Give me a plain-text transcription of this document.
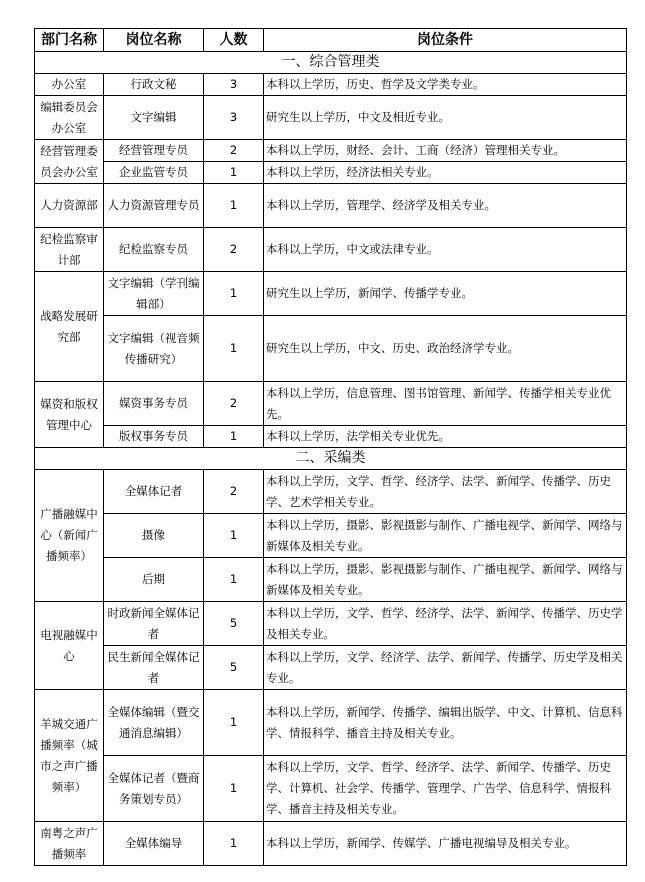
部门名称	岗位名称	人数	岗位条件
一、综合管理类			
办公室	行政文秘	3	本科以上学历，历史、哲学及文学类专业。
编辑委员会办公室	文字编辑	3	研究生以上学历，中文及相近专业。
经营管理委员会办公室	经营管理专员	2	本科以上学历，财经、会计、工商（经济）管理相关专业。
	企业监管专员	1	本科以上学历，经济法相关专业。
人力资源部	人力资源管理专员	1	本科以上学历，管理学、经济学及相关专业。
纪检监察审计部	纪检监察专员	2	本科以上学历，中文或法律专业。
战略发展研究部	文字编辑（学刊编辑部）	1	研究生以上学历，新闻学、传播学专业。
	文字编辑（视音频传播研究）	1	研究生以上学历，中文、历史、政治经济学专业。
媒资和版权管理中心	媒资事务专员	2	本科以上学历，信息管理、图书馆管理、新闻学、传播学相关专业优先。
	版权事务专员	1	本科以上学历，法学相关专业优先。
二、采编类			
广播融媒中心（新闻广播频率）	全媒体记者	2	本科以上学历，文学、哲学、经济学、法学、新闻学、传播学、历史学、艺术学相关专业。
	摄像	1	本科以上学历，摄影、影视摄影与制作、广播电视学、新闻学、网络与新媒体及相关专业。
	后期	1	本科以上学历，摄影、影视摄影与制作、广播电视学、新闻学、网络与新媒体及相关专业。
电视融媒中心	时政新闻全媒体记者	5	本科以上学历，文学、哲学、经济学、法学、新闻学、传播学、历史学及相关专业。
	民生新闻全媒体记者	5	本科以上学历，文学、经济学、法学、新闻学、传播学、历史学及相关专业。
羊城交通广播频率（城市之声广播频率）	全媒体编辑（暨交通消息编辑）	1	本科以上学历，新闻学、传播学、编辑出版学、中文、计算机、信息科学、情报科学、播音主持及相关专业。
	全媒体记者（暨商务策划专员）	1	本科以上学历，文学、哲学、经济学、法学、新闻学、传播学、历史学、计算机、社会学、传播学、管理学、广告学、信息科学、情报科学、播音主持及相关专业。
南粤之声广播频率	全媒体编导	1	本科以上学历，新闻学、传媒学、广播电视编导及相关专业。
